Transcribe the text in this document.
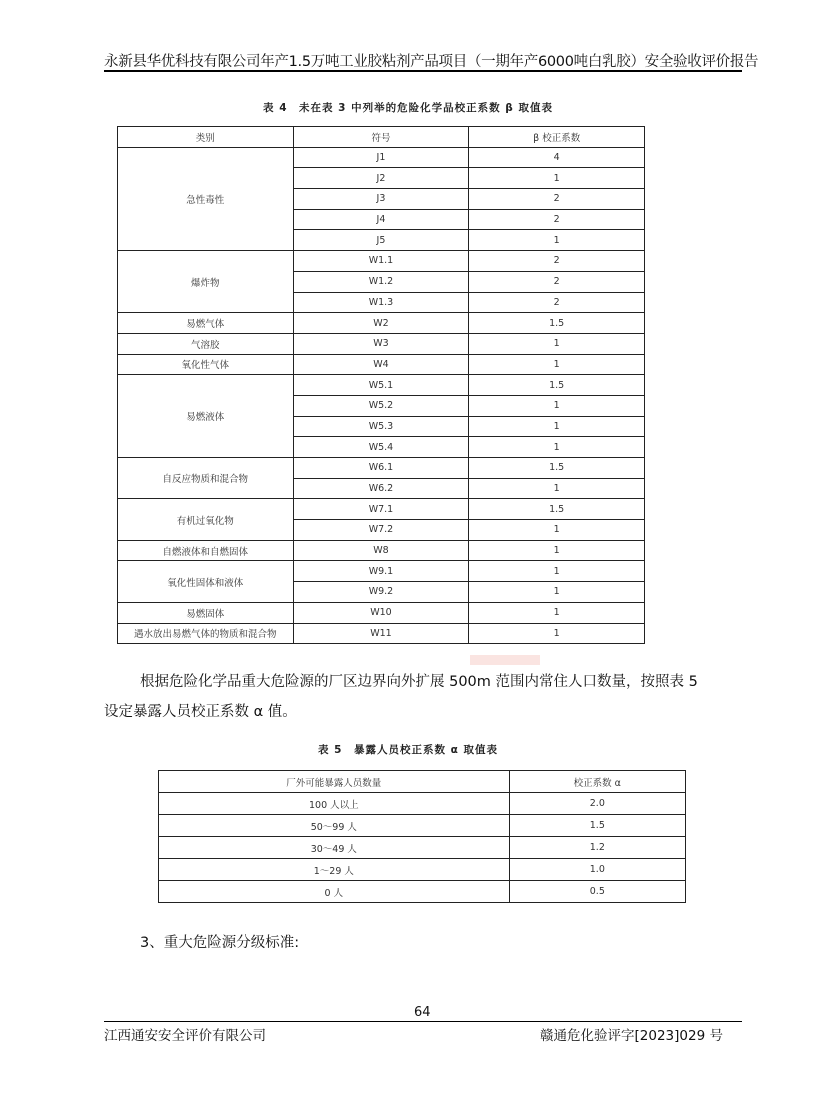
永新县华优科技有限公司年产1.5万吨工业胶粘剂产品项目（一期年产6000吨白乳胶）安全验收评价报告
表 4　未在表 3 中列举的危险化学品校正系数 β 取值表
类别	符号	β 校正系数
急性毒性	J1	4
	J2	1
	J3	2
	J4	2
	J5	1
爆炸物	W1.1	2
	W1.2	2
	W1.3	2
易燃气体	W2	1.5
气溶胶	W3	1
氧化性气体	W4	1
易燃液体	W5.1	1.5
	W5.2	1
	W5.3	1
	W5.4	1
自反应物质和混合物	W6.1	1.5
	W6.2	1
有机过氧化物	W7.1	1.5
	W7.2	1
自燃液体和自燃固体	W8	1
氧化性固体和液体	W9.1	1
	W9.2	1
易燃固体	W10	1
遇水放出易燃气体的物质和混合物	W11	1
根据危险化学品重大危险源的厂区边界向外扩展 500m 范围内常住人口数量，按照表 5
设定暴露人员校正系数 α 值。
表 5　暴露人员校正系数 α 取值表
厂外可能暴露人员数量	校正系数 α
100 人以上	2.0
50～99 人	1.5
30～49 人	1.2
1～29 人	1.0
0 人	0.5
3、重大危险源分级标准:
64
江西通安安全评价有限公司	赣通危化验评字[2023]029 号
